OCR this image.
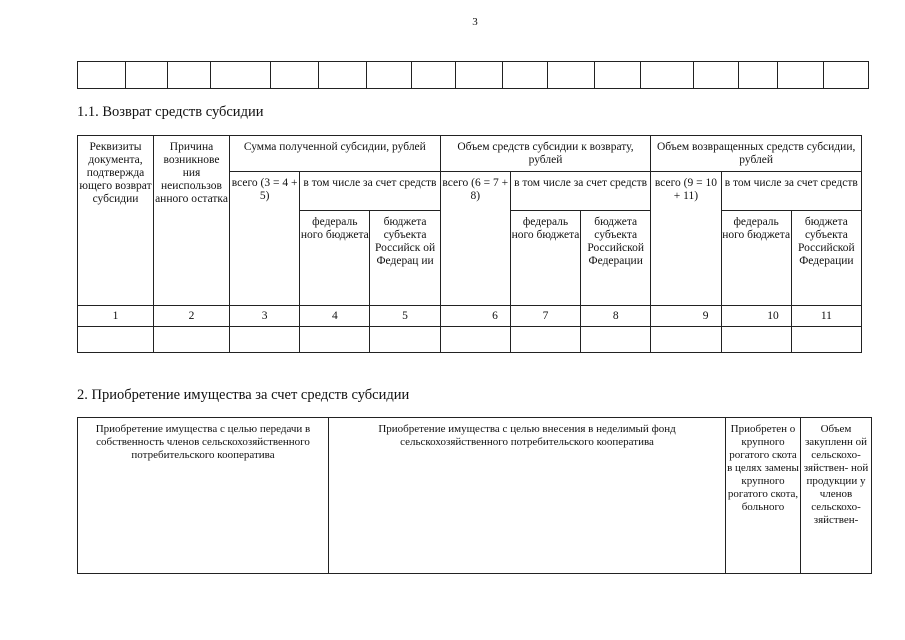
3

1.1. Возврат средств субсидии
Реквизиты документа, подтвержда ющего возврат субсидии	Причина возникнове ния неиспользов анного остатка	Сумма полученной субсидии, рублей			Объем средств субсидии к возврату, рублей			Объем возвращенных средств субсидии, рублей		
		всего (3 = 4 + 5)	в том числе за счет средств		всего (6 = 7 + 8)	в том числе за счет средств		всего (9 = 10 + 11)	в том числе за счет средств	
			федераль ного бюджета	бюджета субъекта Российск ой Федерац ии		федераль ного бюджета	бюджета субъекта Российской Федерации		федераль ного бюджета	бюджета субъекта Российской Федерации
1	2	3	4	5	6	7	8	9	10	11

2. Приобретение имущества за счет средств субсидии
Приобретение имущества с целью передачи в собственность членов сельскохозяйственного потребительского кооператива	Приобретение имущества с целью внесения в неделимый фонд сельскохозяйственного потребительского кооператива	Приобретен о крупного рогатого скота в целях замены крупного рогатого скота, больного	Объем закупленн ой сельскохо- зяйствен- ной продукции у членов сельскохо- зяйствен-
